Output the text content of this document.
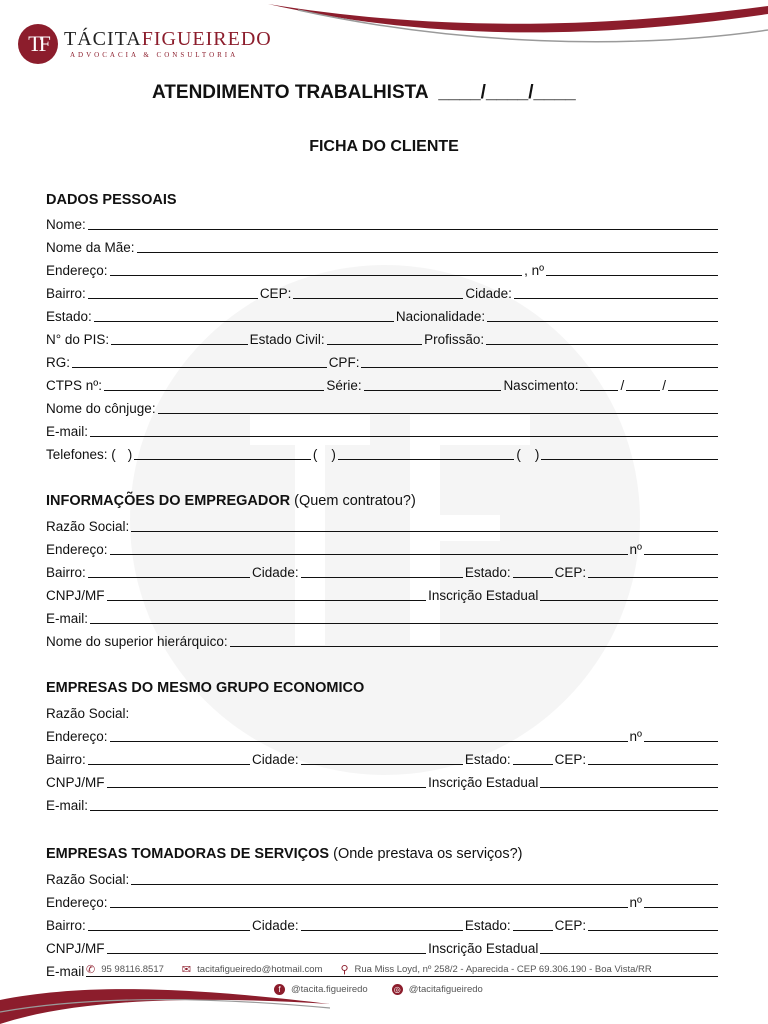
TF TÁCITAFIGUEIREDO
ADVOCACIA & CONSULTORIA
ATENDIMENTO TRABALHISTA  ____/____/____
FICHA DO CLIENTE
DADOS PESSOAIS
Nome:
Nome da Mãe:
Endereço:	, nº
Bairro:	CEP:	Cidade:
Estado:	Nacionalidade:
N° do PIS:	Estado Civil:	Profissão:
RG:	CPF:
CTPS nº:	Série:	Nascimento:	/	/
Nome do cônjuge:
E-mail:
Telefones: ( )	( )	( )
INFORMAÇÕES DO EMPREGADOR (Quem contratou?)
Razão Social:
Endereço:	nº
Bairro:	Cidade:	Estado:	CEP:
CNPJ/MF	Inscrição Estadual
E-mail:
Nome do superior hierárquico:
EMPRESAS DO MESMO GRUPO ECONOMICO
Razão Social:
Endereço:	nº
Bairro:	Cidade:	Estado:	CEP:
CNPJ/MF	Inscrição Estadual
E-mail:
EMPRESAS TOMADORAS DE SERVIÇOS (Onde prestava os serviços?)
Razão Social:
Endereço:	nº
Bairro:	Cidade:	Estado:	CEP:
CNPJ/MF	Inscrição Estadual
E-mail ✆ 95 98116.8517 ✉ tacitafigueiredo@hotmail.com ⚲ Rua Miss Loyd, nº 258/2 - Aparecida - CEP 69.306.190 - Boa Vista/RR
f	@tacita.figueiredo	◎ @tacitafigueiredo
